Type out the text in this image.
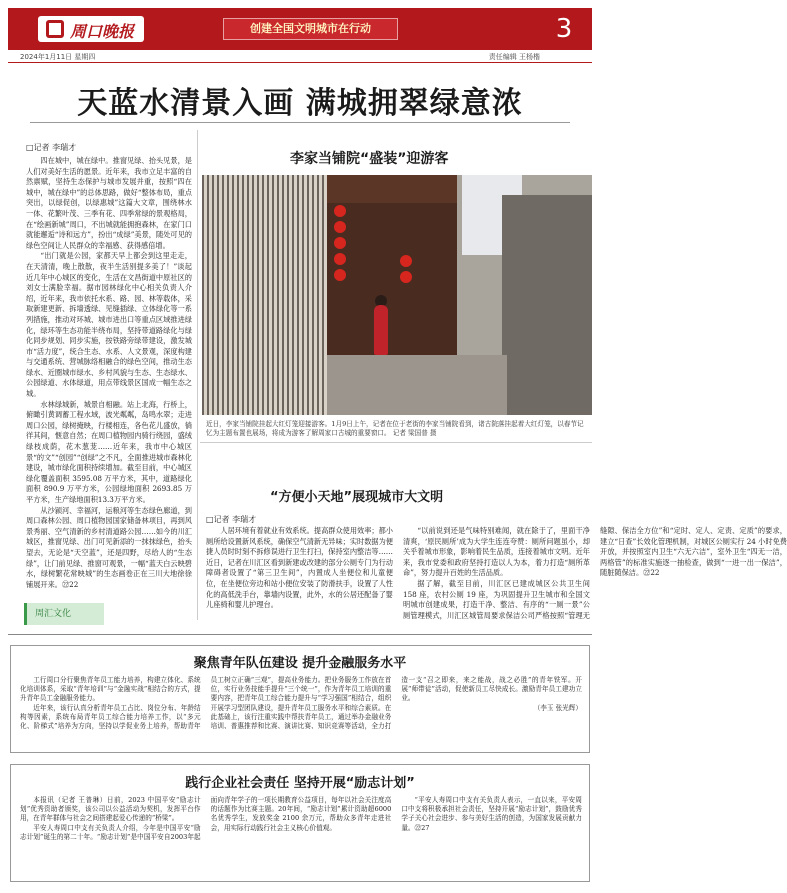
周口晚报	创建全国文明城市在行动	3
2024年1月11日 星期四	责任编辑 王杨楷
天蓝水清景入画 满城拥翠绿意浓
□记者 李瑞才

四在城中，城在绿中。推窗见绿、抬头见景，是人们对美好生活的愿景。近年来，我市立足丰富的自然禀赋，坚持生态保护与城市发展并重，按照“四在城中，城在绿中”的总体思路，做好“整体布局，重点突出，以绿促创，以绿惠城”这篇大文章，围绕林水一体、花繁叶茂、三季有花、四季常绿的景观格局，在“绘画新城”周口，不出城就能拥抱森林，在家门口就能邂逅“诗和远方”，扮出“成绿”美景，随处可见的绿色空间让人民群众的幸福感、获得感倍增。

“出门就是公园，家都天早上都会到这里走走，在天清清，晚上散散，夜半生活别提多美了！”谈起近几年中心城区的变化，生活在文昌街道中原社区的刘女士满脸幸福。据市园林绿化中心相关负责人介绍，近年来，我市依托水系、路、园、林等载体，采取新建更新、拆墙透绿、见缝插绿、立体绿化等一系列措施，推动对环城、城市进出口等重点区域推进绿化，绿环等生态功能半绕布局，坚持带道路绿化与绿化同步规划、同步实施，按铁路旁绿带建设，激发城市“活力度”，统合生态、水系、人文景观，深度构建与交通系统、营城脉络相融合的绿色空间，推动生态绿水、近圈城市绿水、乡村风貌与生态、生态绿水、公园绿道、水体绿道，用点带线景区国成一幅生态之城。

水林绿城新，城景自相融。站上北海，行桥上，俯瞰引黄调蓄工程水域，波光粼粼，岛鸣水翠；走进周口公园，绿树掩映，行楼相连，各色花儿盛放，徜徉其间，惬意自然；在周口植物园内骑行绕园，盛绒绿枝成荫，花木葱茏……近年来，我市中心城区景“的文”“创园”“创绿”之不凡，全面推进城市森林化建设，城市绿化面积持续增加。截至目前，中心城区绿化覆盖面积 3595.08 万平方米，其中，道路绿化面积 890.9 万平方米，公园绿地面积 2693.85 万平方米，生产绿地面积13.3万平方米。

从沙颍河、幸福河，运粮河等生态绿色廊道，到周口森林公园、周口植物园国家储备林项目，再到风景秀丽、空气清新的乡村清道路公园……如今的川汇城区，推窗见绿、出门可见新添的一抹抹绿色，抬头望去，无论是“天空蓝”，还是四野，尽给人的“生态绿”，让门前见绿、推窗可观景，一幅“蓝天白云映碧水，绿树繁花常映城”的生态画卷正在三川大地徐徐铺展开来。㉒22

李家当铺院“盛装”迎游客
近日，李家当铺院挂起大红灯笼迎接游客。1月9日上午，记者在位于老街的李家当铺院看到，诸古院落挂起着大红灯笼，以春节记忆为主题布置也展场，将成为游客了解周家口古城的重要窗口。 记者 梁国普 摄
“方便小天地”展现城市大文明
□记者 李瑞才

人居环境有着就业有效系统。提高群众使用效率；都小厕所给设置新风系统，确保空气清新无异味；实时数据为便捷人员时时刻不拆修误进行卫生打扫，保持室内整洁等……近日，记者在川汇区看到新建或改建的部分公厕专门为行动障碍者设置了“第三卫生间”，内置成人坐便位和儿童便位，在坐便位旁边和站小便位安装了防滑扶手，设置了人性化的高低洗手台，靠墙内设置，此外，水的公居还配备了婴儿座椅和婴儿护理台。

“以前说到还是气味特别难闻，就在除于了，里面干净清爽，‘原民厕所’成为大学生连连夸赞：厕所问题虽小，却关乎着城市形象，影响着民生品质，连接着城市文明。近年来，我市党委和政府坚持打造以人为本，着力打造“厕所革命”，努力提升百姓的生活品质。

据了解，截至目前，川汇区已建成城区公共卫生间 158 座，农村公厕 19 座，为巩固提升卫生城市和全国文明城市创建成果，打造干净、整洁、有序的“一厕一景”公厕管理模式，川汇区城管局要求保洁公司严格按照“管理无缝隙、保洁全方位”和“定时、定人、定责、定质”的要求，建立“日查”长效化管理机制，对城区公厕实行 24 小时免费开放，并按照室内卫生“六无六洁”，室外卫生“四无一洁，两格管”的标准实施逐一抽检查，做到“一进一出一保洁”，随脏随保洁。㉒22

周汇文化
聚焦青年队伍建设 提升金融服务水平

工行周口分行聚焦青年员工能力培养，构建立体化、系统化培训体系，采取“青年培训”与“金融实战”相结合的方式，提升青年员工金融服务能力。

近年来，该行认真分析青年员工占比、岗位分布、年龄结构等因素，系统布局青年员工综合能力培养工作，以“多元化、阶梯式”培养为方向，坚持以学促业务上培养，帮助青年员工树立正确“三观”，提高业务能力。把业务服务工作放在首位，实行业务技能手提升“三个统一”，作为青年员工培训的重要内容，把青年员工综合能力提升与“学习强国”相结合，组织开展学习型团队建设，提升青年员工服务水平和综合素质。在此基础上，该行注重实践中帮扶青年员工，通过举办金融业务培训、普惠推荐和比赛、演讲比赛、知识竞赛等活动，全力打造一支“召之即来，来之能战，战之必胜”的青年铁军。开展“师带徒”活动，促使新员工尽快成长。激励青年员工建功立业。

（李玉 张光辉）

践行企业社会责任 坚持开展“励志计划”

本报讯（记者 王普琳）日前，2023 中国平安“励志计划”优秀资助者颁奖，该公司以公益活动为契机，发挥平台作用，在青年群体与社会之间搭建起爱心传递的“桥梁”。

平安人寿周口中支有关负责人介绍，今年是中国平安“励志计划”诞生的第二十年。“励志计划”是中国平安自2003年起面向青年学子的一项长期教育公益项目，每年以社会关注度高的话题作为比赛主题。20年间，“励志计划”累计资助超6000名优秀学生，发放奖金 2100 余万元，帮助众多青年走进社会，用实际行动践行社会主义核心价值观。

“平安人寿周口中支有关负责人表示，一直以来，平安周口中支将积极承担社会责任，坚持开展“励志计划”，鼓励优秀学子关心社会进步、参与美好生活的创造，为国家发展贡献力量。㉒27
